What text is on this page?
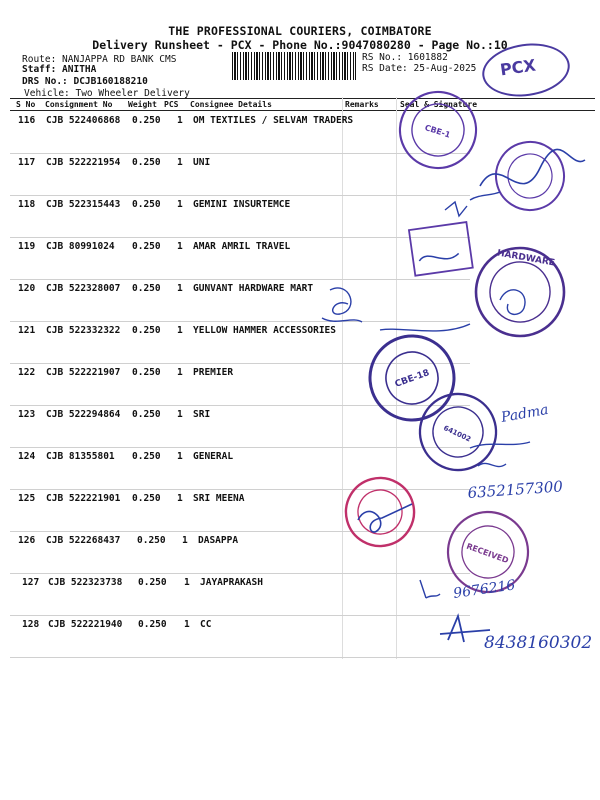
THE PROFESSIONAL COURIERS, COIMBATORE
Delivery Runsheet - PCX - Phone No.:9047080280 - Page No.:10
Route: NANJAPPA RD BANK CMS
Staff: ANITHA
DRS No.: DCJB160188210
Vehicle: Two Wheeler Delivery
RS No.: 1601882
RS Date: 25-Aug-2025 PCX
S No Consignment No Weight PCS Consignee Details	Remarks	Seal & Signature
116 CJB 522406868 0.250 1 OM TEXTILES / SELVAM TRADERS
117 CJB 522221954 0.250 1 UNI
118 CJB 522315443 0.250 1 GEMINI INSURTEMCE
119 CJB 80991024 0.250 1 AMAR AMRIL TRAVEL
120 CJB 522328007 0.250 1 GUNVANT HARDWARE MART
121 CJB 522332322 0.250 1 YELLOW HAMMER ACCESSORIES
122 CJB 522221907 0.250 1 PREMIER
123 CJB 522294864 0.250 1 SRI
124 CJB 81355801 0.250 1 GENERAL
125 CJB 522221901 0.250 1 SRI MEENA
126 CJB 522268437 0.250 1 DASAPPA
127 CJB 522323738 0.250 1 JAYAPRAKASH
128 CJB 522221940 0.250 1 CC
CBE-1
HARDWARE
CBE-18
641002
Padma
6352157300
RECEIVED
9676216
8438160302
